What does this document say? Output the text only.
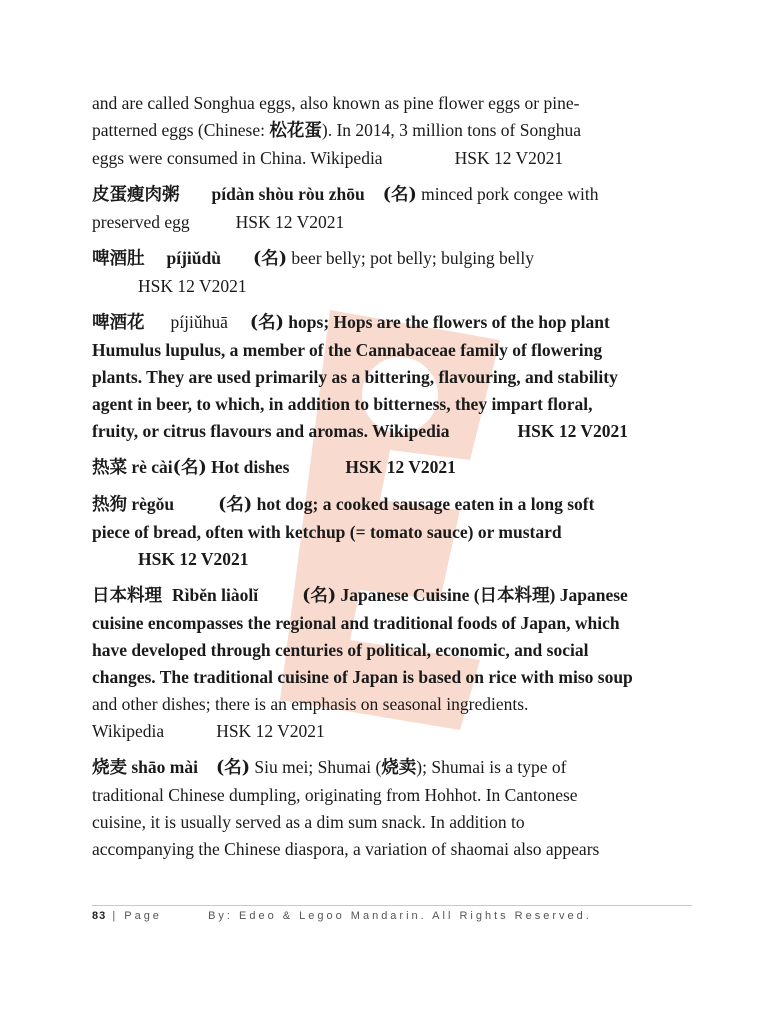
and are called Songhua eggs, also known as pine flower eggs or pine-
patterned eggs (Chinese: 松花蛋). In 2014, 3 million tons of Songhua
eggs were consumed in China. Wikipedia	HSK 12 V2021

皮蛋瘦肉粥 pídàn shòu ròu zhōu (名) minced pork congee with
preserved egg	HSK 12 V2021

啤酒肚 píjiǔdù (名) beer belly; pot belly; bulging belly
HSK 12 V2021

啤酒花 píjiǔhuā (名) hops; Hops are the flowers of the hop plant
Humulus lupulus, a member of the Cannabaceae family of flowering
plants. They are used primarily as a bittering, flavouring, and stability
agent in beer, to which, in addition to bitterness, they impart floral,
fruity, or citrus flavours and aromas. Wikipedia	HSK 12 V2021

热菜 rè cài(名) Hot dishes	HSK 12 V2021

热狗 règǒu	(名) hot dog; a cooked sausage eaten in a long soft
piece of bread, often with ketchup (= tomato sauce) or mustard
HSK 12 V2021

日本料理 Rìběn liàolǐ	(名) Japanese Cuisine (日本料理) Japanese
cuisine encompasses the regional and traditional foods of Japan, which
have developed through centuries of political, economic, and social
changes. The traditional cuisine of Japan is based on rice with miso soup
and other dishes; there is an emphasis on seasonal ingredients.
Wikipedia	HSK 12 V2021

烧麦 shāo mài (名) Siu mei; Shumai (烧卖); Shumai is a type of
traditional Chinese dumpling, originating from Hohhot. In Cantonese
cuisine, it is usually served as a dim sum snack. In addition to
accompanying the Chinese diaspora, a variation of shaomai also appears

83 | Page	By: Edeo & Legoo Mandarin. All Rights Reserved.
